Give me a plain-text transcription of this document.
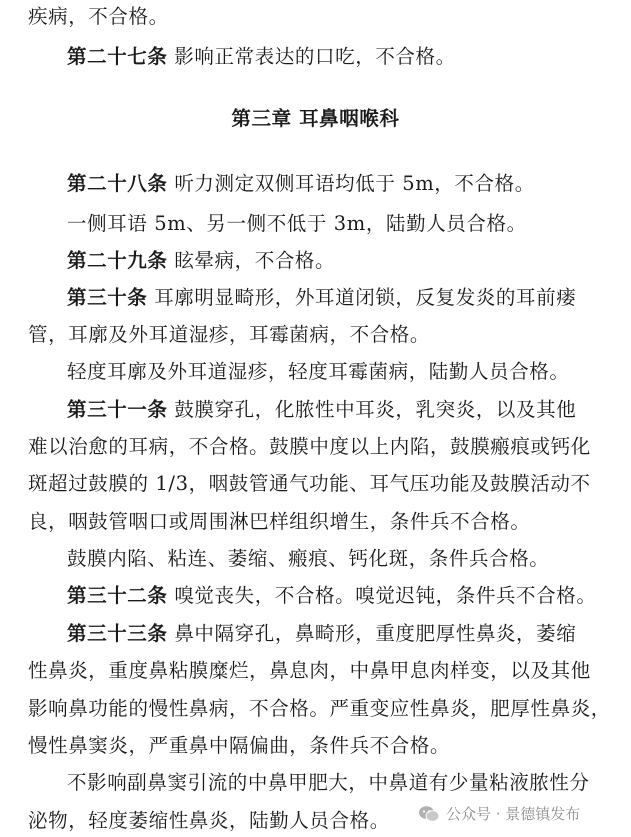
疾病，不合格。
第二十七条 影响正常表达的口吃，不合格。
第三章 耳鼻咽喉科
第二十八条 听力测定双侧耳语均低于 5m，不合格。
一侧耳语 5m、另一侧不低于 3m，陆勤人员合格。
第二十九条 眩晕病，不合格。
第三十条 耳廓明显畸形，外耳道闭锁，反复发炎的耳前瘘
管，耳廓及外耳道湿疹，耳霉菌病，不合格。
轻度耳廓及外耳道湿疹，轻度耳霉菌病，陆勤人员合格。
第三十一条 鼓膜穿孔，化脓性中耳炎，乳突炎，以及其他
难以治愈的耳病，不合格。鼓膜中度以上内陷，鼓膜瘢痕或钙化
斑超过鼓膜的 1/3，咽鼓管通气功能、耳气压功能及鼓膜活动不
良，咽鼓管咽口或周围淋巴样组织增生，条件兵不合格。
鼓膜内陷、粘连、萎缩、瘢痕、钙化斑，条件兵合格。
第三十二条 嗅觉丧失，不合格。嗅觉迟钝，条件兵不合格。
第三十三条 鼻中隔穿孔，鼻畸形，重度肥厚性鼻炎，萎缩
性鼻炎，重度鼻粘膜糜烂，鼻息肉，中鼻甲息肉样变，以及其他
影响鼻功能的慢性鼻病，不合格。严重变应性鼻炎，肥厚性鼻炎，
慢性鼻窦炎，严重鼻中隔偏曲，条件兵不合格。
不影响副鼻窦引流的中鼻甲肥大，中鼻道有少量粘液脓性分
泌物，轻度萎缩性鼻炎，陆勤人员合格。	公众号 · 景德镇发布
